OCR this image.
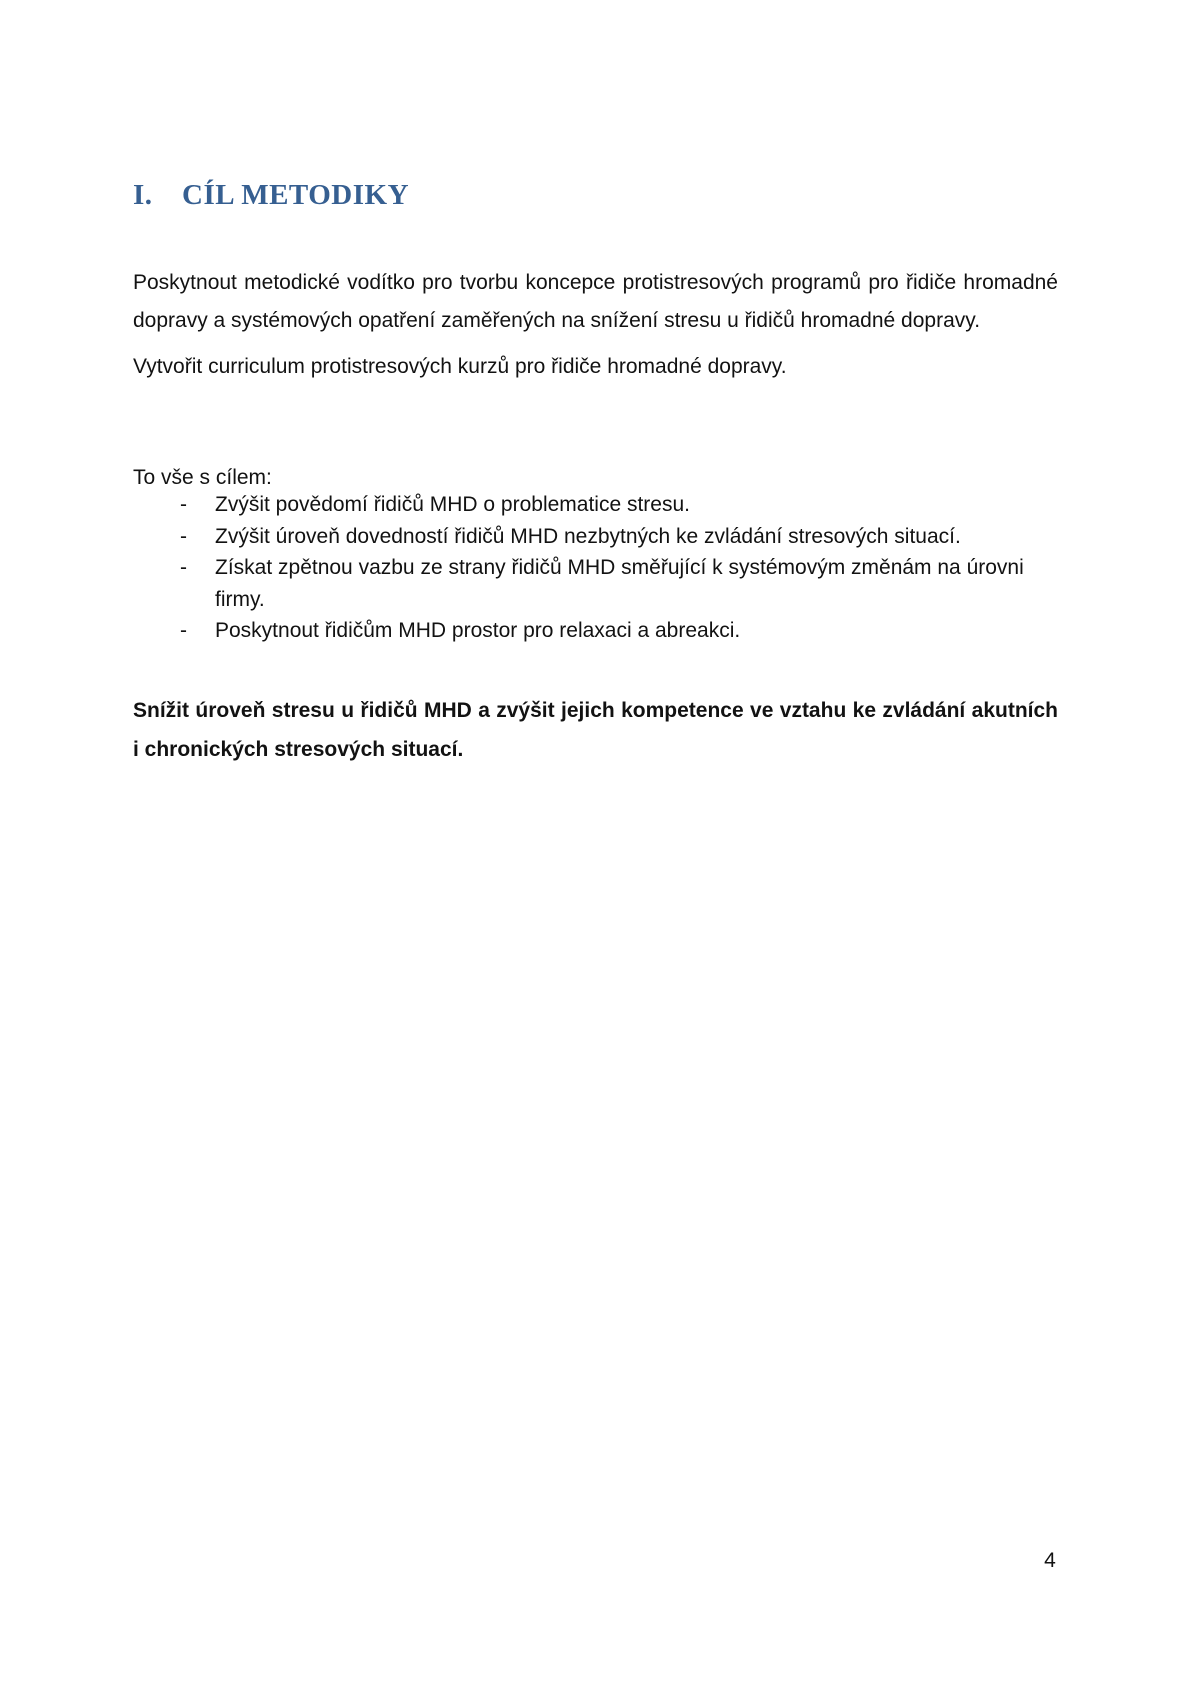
I. CÍL METODIKY

Poskytnout metodické vodítko pro tvorbu koncepce protistresových programů pro řidiče hromadné dopravy a systémových opatření zaměřených na snížení stresu u řidičů hromadné dopravy.

Vytvořit curriculum protistresových kurzů pro řidiče hromadné dopravy.

To vše s cílem:

-	Zvýšit povědomí řidičů MHD o problematice stresu.
-	Zvýšit úroveň dovedností řidičů MHD nezbytných ke zvládání stresových situací.
-	Získat zpětnou vazbu ze strany řidičů MHD směřující k systémovým změnám na úrovni firmy.
-	Poskytnout řidičům MHD prostor pro relaxaci a abreakci.

Snížit úroveň stresu u řidičů MHD a zvýšit jejich kompetence ve vztahu ke zvládání akutních i chronických stresových situací.

4
